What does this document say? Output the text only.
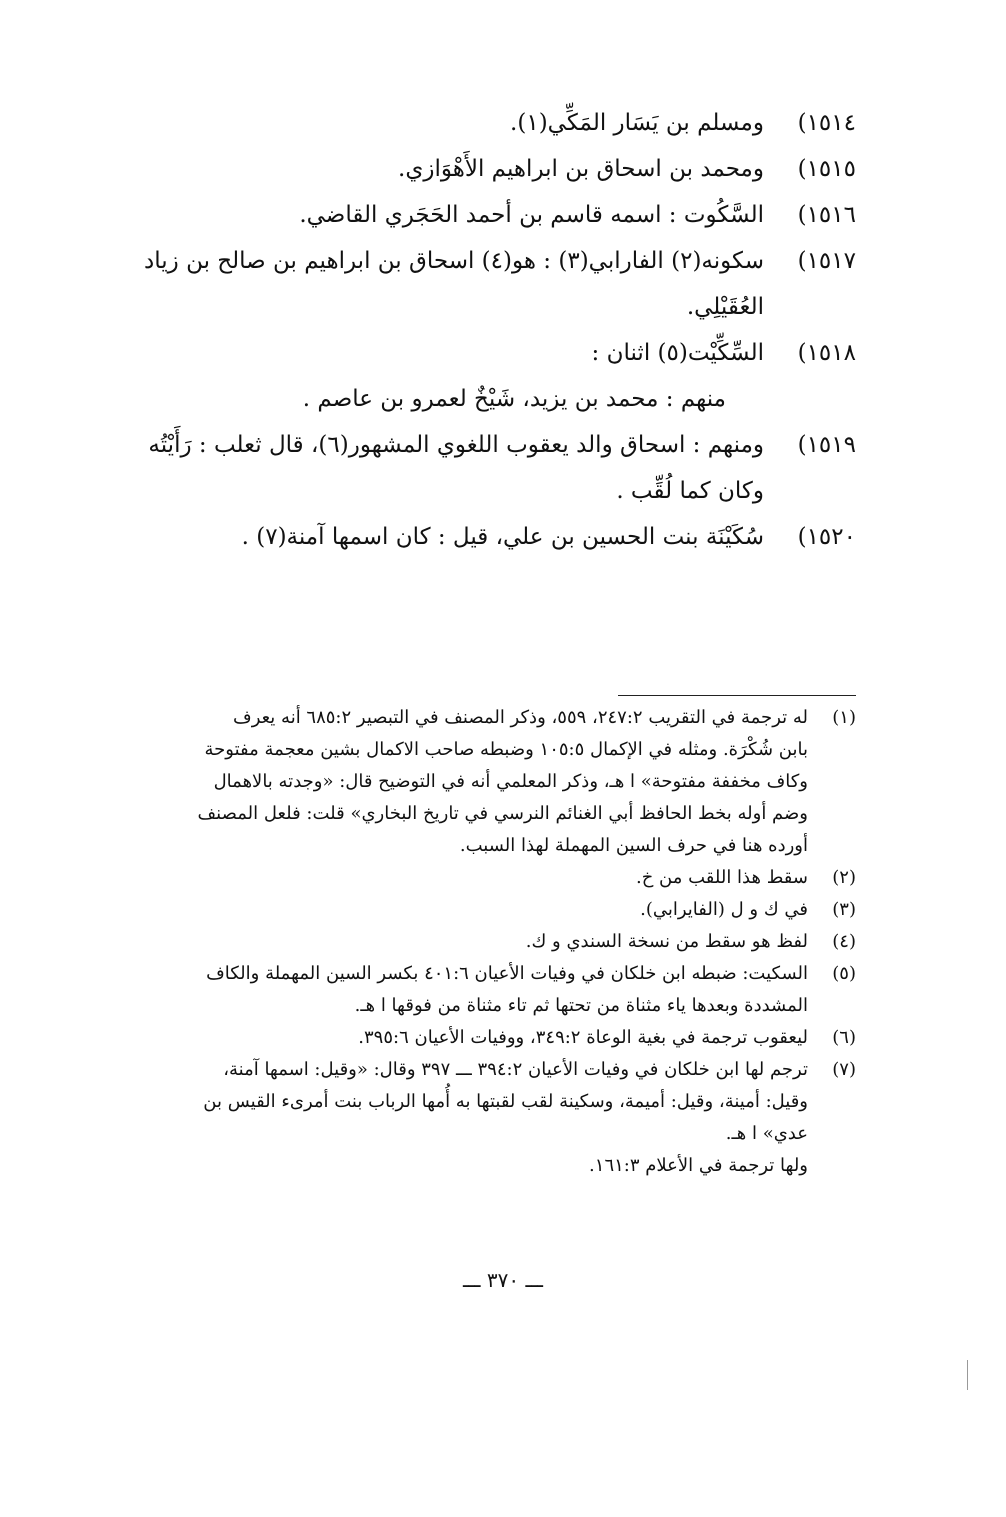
١٥١٤)
ومسلم بن يَسَار المَكِّي(١).
١٥١٥)
ومحمد بن اسحاق بن ابراهيم الأَهْوَازي.
١٥١٦)
السَّكُوت : اسمه قاسم بن أحمد الحَجَري القاضي.
١٥١٧)
سكونه(٢) الفارابي(٣) : هو(٤) اسحاق بن ابراهيم بن صالح بن زياد
العُقَيْلِي.
١٥١٨)
السِّكِّيْت(٥) اثنان :
منهم : محمد بن يزيد، شَيْخٌ لعمرو بن عاصم .
١٥١٩)
ومنهم : اسحاق والد يعقوب اللغوي المشهور(٦)، قال ثعلب : رَأَيْتُه
وكان كما لُقِّب .
١٥٢٠)
سُكَيْنَة بنت الحسين بن علي، قيل : كان اسمها آمنة(٧) .
(١)
له ترجمة في التقريب ٢٤٧:٢، ٥٥٩، وذكر المصنف في التبصير ٦٨٥:٢ أنه يعرف
بابن شُكْرَة. ومثله في الإكمال ١٠٥:٥ وضبطه صاحب الاكمال بشين معجمة مفتوحة
وكاف مخففة مفتوحة» ا هـ، وذكر المعلمي أنه في التوضيح قال: «وجدته بالاهمال
وضم أوله بخط الحافظ أبي الغنائم النرسي في تاريخ البخاري» قلت: فلعل المصنف
أورده هنا في حرف السين المهملة لهذا السبب.
(٢)
سقط هذا اللقب من خ.
(٣)
في ك و ل (الفايرابي).
(٤)
لفظ هو سقط من نسخة السندي و ك.
(٥)
السكيت: ضبطه ابن خلكان في وفيات الأعيان ٤٠١:٦ بكسر السين المهملة والكاف
المشددة وبعدها ياء مثناة من تحتها ثم تاء مثناة من فوقها ا هـ.
(٦)
ليعقوب ترجمة في بغية الوعاة ٣٤٩:٢، ووفيات الأعيان ٣٩٥:٦.
(٧)
ترجم لها ابن خلكان في وفيات الأعيان ٣٩٤:٢ ـــ ٣٩٧ وقال: «وقيل: اسمها آمنة،
وقيل: أمينة، وقيل: أميمة، وسكينة لقب لقبتها به أُمها الرباب بنت أمرىء القيس بن
عدي» ا هـ.
ولها ترجمة في الأعلام ١٦١:٣.
ـــ ٣٧٠ ـــ
